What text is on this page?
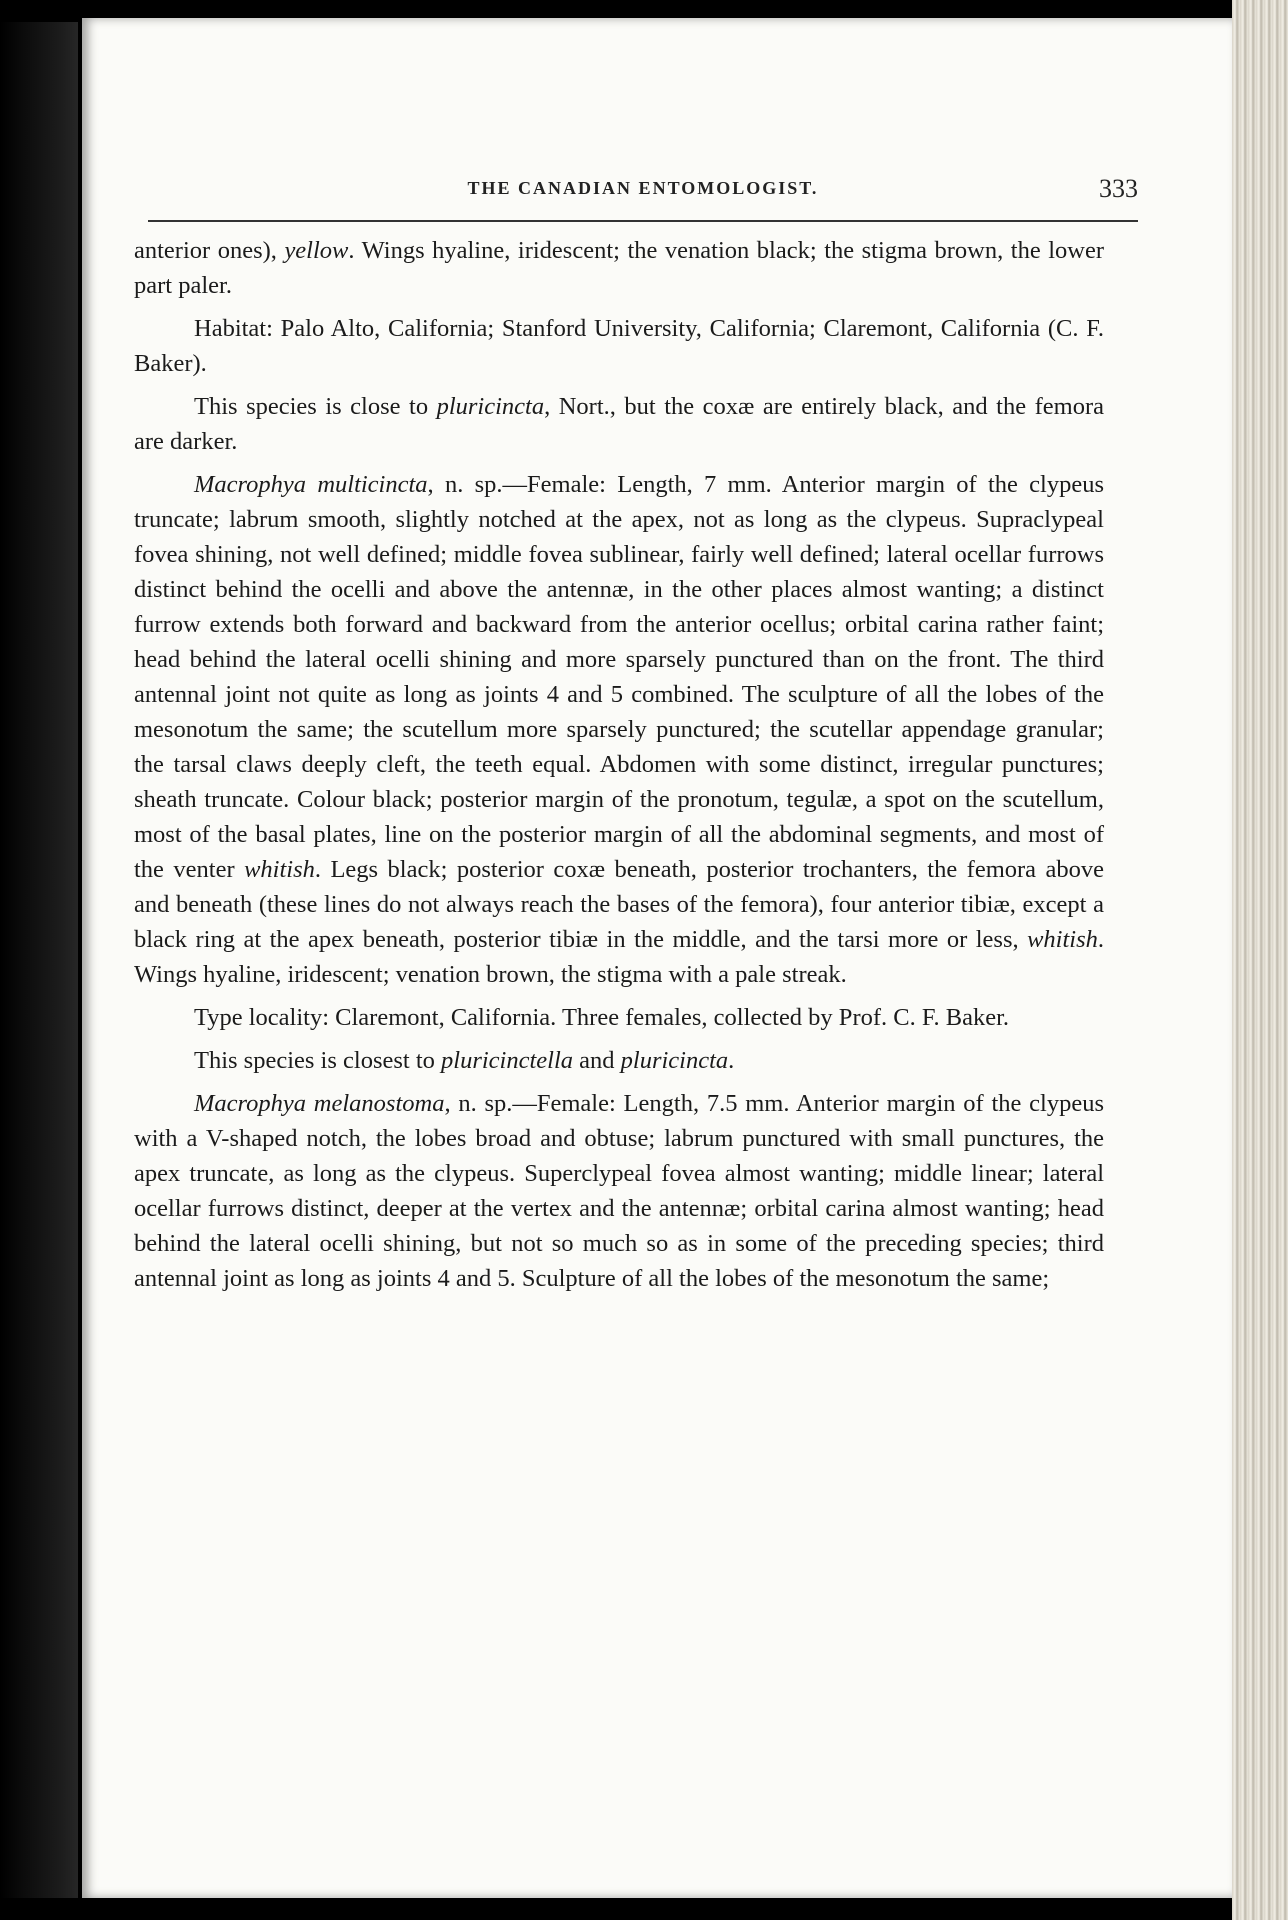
THE CANADIAN ENTOMOLOGIST.	333

anterior ones), yellow. Wings hyaline, iridescent; the venation black; the stigma brown, the lower part paler.

Habitat: Palo Alto, California; Stanford University, California; Claremont, California (C. F. Baker).

This species is close to pluricincta, Nort., but the coxæ are entirely black, and the femora are darker.

Macrophya multicincta, n. sp.—Female: Length, 7 mm. Anterior margin of the clypeus truncate; labrum smooth, slightly notched at the apex, not as long as the clypeus. Supraclypeal fovea shining, not well defined; middle fovea sublinear, fairly well defined; lateral ocellar furrows distinct behind the ocelli and above the antennæ, in the other places almost wanting; a distinct furrow extends both forward and backward from the anterior ocellus; orbital carina rather faint; head behind the lateral ocelli shining and more sparsely punctured than on the front. The third antennal joint not quite as long as joints 4 and 5 combined. The sculpture of all the lobes of the mesonotum the same; the scutellum more sparsely punctured; the scutellar appendage granular; the tarsal claws deeply cleft, the teeth equal. Abdomen with some distinct, irregular punctures; sheath truncate. Colour black; posterior margin of the pronotum, tegulæ, a spot on the scutellum, most of the basal plates, line on the posterior margin of all the abdominal segments, and most of the venter whitish. Legs black; posterior coxæ beneath, posterior trochanters, the femora above and beneath (these lines do not always reach the bases of the femora), four anterior tibiæ, except a black ring at the apex beneath, posterior tibiæ in the middle, and the tarsi more or less, whitish. Wings hyaline, iridescent; venation brown, the stigma with a pale streak.

Type locality: Claremont, California. Three females, collected by Prof. C. F. Baker.

This species is closest to pluricinctella and pluricincta.

Macrophya melanostoma, n. sp.—Female: Length, 7.5 mm. Anterior margin of the clypeus with a V-shaped notch, the lobes broad and obtuse; labrum punctured with small punctures, the apex truncate, as long as the clypeus. Superclypeal fovea almost wanting; middle linear; lateral ocellar furrows distinct, deeper at the vertex and the antennæ; orbital carina almost wanting; head behind the lateral ocelli shining, but not so much so as in some of the preceding species; third antennal joint as long as joints 4 and 5. Sculpture of all the lobes of the mesonotum the same;
